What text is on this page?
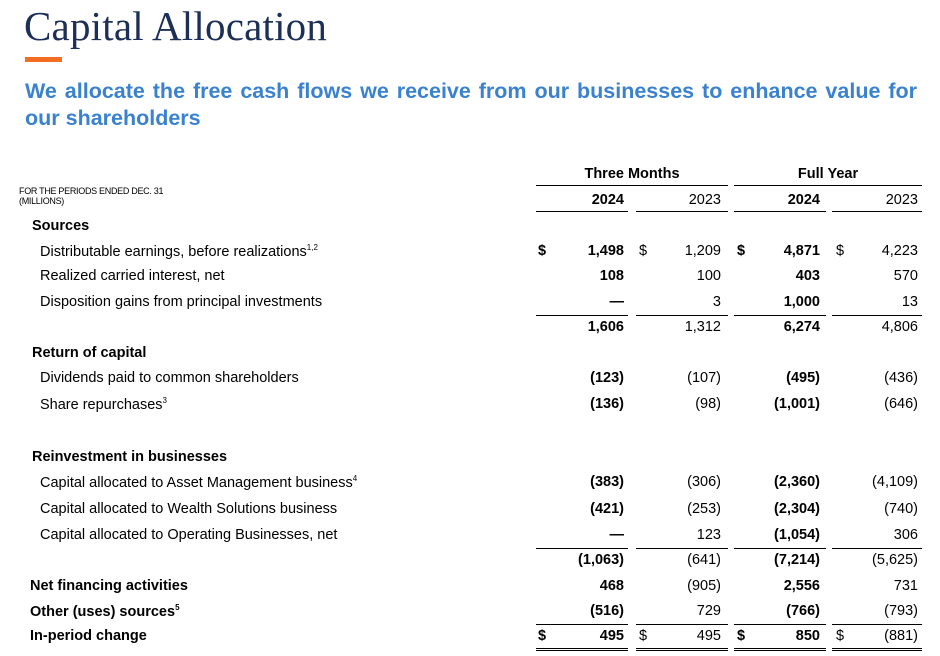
Capital Allocation
We allocate the free cash flows we receive from our businesses to enhance value for our shareholders
Three Months	Full Year
FOR THE PERIODS ENDED DEC. 31
(MILLIONS)	2024	2023	2024	2023
Sources
Distributable earnings, before realizations$^{1,2}$	$	1,498 $	1,209 $	4,871 $	4,223
Realized carried interest, net	108	100	403	570
Disposition gains from principal investments	—	3	1,000	13
1,606	1,312	6,274	4,806
Return of capital
Dividends paid to common shareholders	(123)	(107)	(495)	(436)
Share repurchases$^3$	(136)	(98)	(1,001)	(646)
Reinvestment in businesses
Capital allocated to Asset Management business$^4$	(383)	(306)	(2,360)	(4,109)
Capital allocated to Wealth Solutions business	(421)	(253)	(2,304)	(740)
Capital allocated to Operating Businesses, net	—	123	(1,054)	306
(1,063)	(641)	(7,214)	(5,625)
Net financing activities	468	(905)	2,556	731
Other (uses) sources$^5$	(516)	729	(766)	(793)
In-period change	$	495 $	495 $	850 $	(881)
